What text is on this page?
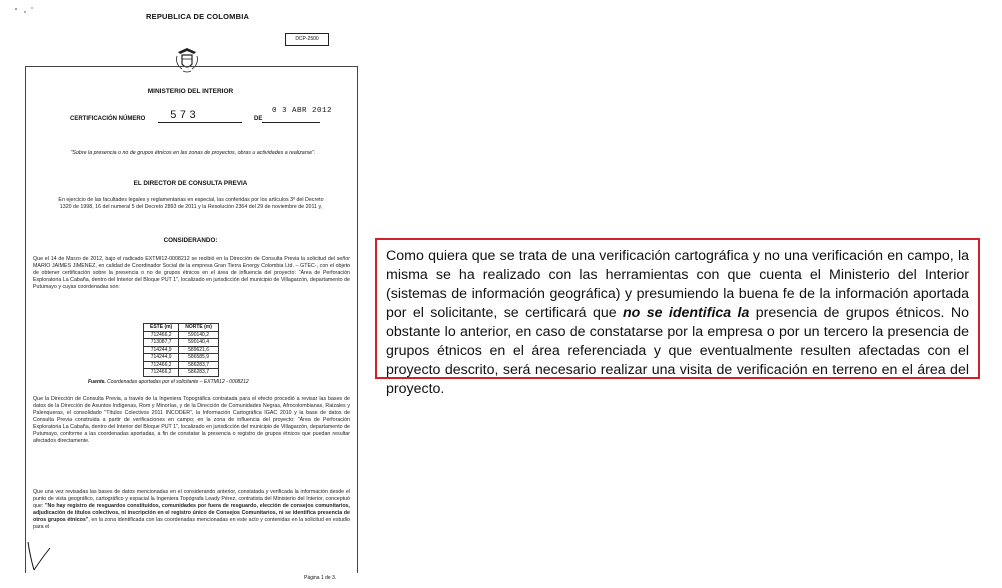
REPUBLICA DE COLOMBIA
DCP-2500
MINISTERIO DEL INTERIOR
0 3 ABR 2012
CERTIFICACIÓN NÚMERO	DE
573
"Sobre la presencia o no de grupos étnicos en las zonas de proyectos, obras u actividades a realizarse".
EL DIRECTOR DE CONSULTA PREVIA
En ejercicio de las facultades legales y reglamentarias en especial, las conferidas por los artículos 3º del Decreto 1320 de 1998, 16 del numeral 5 del Decreto 2893 de 2011 y la Resolución 2364 del 29 de noviembre de 2011 y,
CONSIDERANDO:
Que el 14 de Marzo de 2012, bajo el radicado EXTMI12-0008212 se recibió en la Dirección de Consulta Previa la solicitud del señor MARIO JAIMES JIMENEZ, en calidad de Coordinador Social de la empresa Gran Tierra Energy Colombia Ltd. – GTEC-, con el objeto de obtener certificación sobre la presencia o no de grupos étnicos en el área de influencia del proyecto: "Área de Perforación Exploratoria La Cabaña, dentro del Interior del Bloque PUT 1", localizado en jurisdicción del municipio de Villagarzón, departamento de Putumayo y cuyas coordenadas son:
ESTE (m)	NORTE (m)
712466,2	590140,2
713087,7	590140,4
714244,9	589621,6
714244,9	586585,9
712466,2	586283,7
712466,2	586283,7
Fuente. Coordenadas aportadas por el solicitante – EXTMI12 - 0008212
Que la Dirección de Consulta Previa, a través de la Ingeniera Topográfica contratada para el efecto procedió a revisar las bases de datos de la Dirección de Asuntos Indígenas, Rom y Minorías, y de la Dirección de Comunidades Negras, Afrocolombianas, Raizales y Palenqueras, el consolidado "Títulos Colectivos 2011 INCODER", la Información Cartográfica IGAC 2010 y la base de datos de Consulta Previa construida a partir de verificaciones en campo; en la zona de influencia del proyecto: "Área de Perforación Exploratoria La Cabaña, dentro del Interior del Bloque PUT 1", localizado en jurisdicción del municipio de Villagarzón, departamento de Putumayo, conforme a las coordenadas aportadas, a fin de constatar la presencia o registro de grupos étnicos que puedan resultar afectados directamente.
Que una vez revisadas las bases de datos mencionadas en el considerando anterior, constatada y verificada la información desde el punto de vista geográfico, cartográfico y espacial la Ingeniera Topógrafa Leady Pérez, contratista del Ministerio del Interior, conceptuó que: "No hay registro de resguardos constituidos, comunidades por fuera de resguardo, elección de consejos comunitarios, adjudicación de títulos colectivos, ni inscripción en el registro único de Consejos Comunitarios, ni se identifica presencia de otros grupos étnicos", en la zona identificada con las coordenadas mencionadas en este acto y contenidas en la solicitud en estudio para el
Página 1 de 3.
Como quiera que se trata de una verificación cartográfica y no una verificación en campo, la misma se ha realizado con las herramientas con que cuenta el Ministerio del Interior (sistemas de información geográfica) y presumiendo la buena fe de la información aportada por el solicitante, se certificará que no se identifica la presencia de grupos étnicos. No obstante lo anterior, en caso de constatarse por la empresa o por un tercero la presencia de grupos étnicos en el área referenciada y que eventualmente resulten afectadas con el proyecto descrito, será necesario realizar una visita de verificación en terreno en el área del proyecto.
